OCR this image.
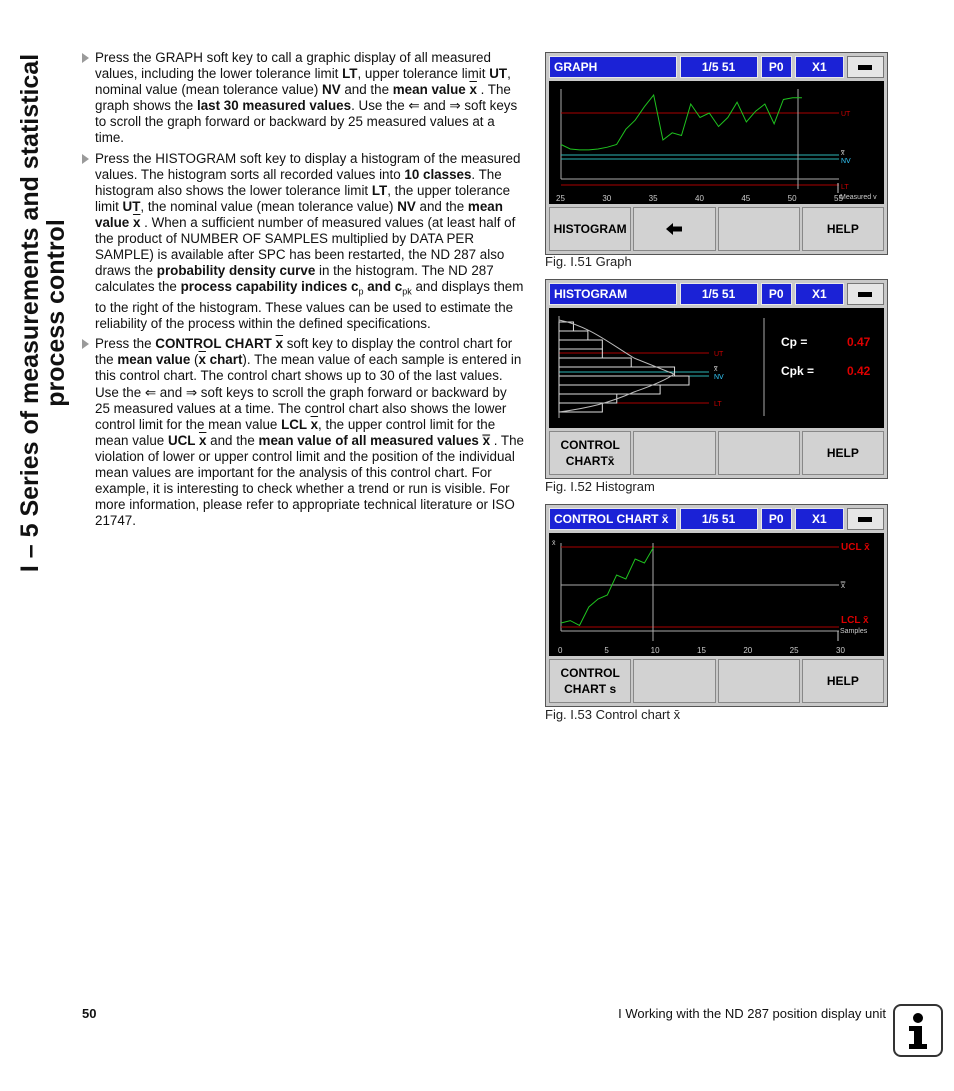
I – 5 Series of measurements and statistical
process control
Press the GRAPH soft key to call a graphic display of all measured values, including the lower tolerance limit LT, upper tolerance limit UT, nominal value (mean tolerance value) NV and the mean value $\overline{x}$ . The graph shows the last 30 measured values. Use the ⇐ and ⇒ soft keys to scroll the graph forward or backward by 25 measured values at a time.
Press the HISTOGRAM soft key to display a histogram of the measured values. The histogram sorts all recorded values into 10 classes. The histogram also shows the lower tolerance limit LT, the upper tolerance limit UT, the nominal value (mean tolerance value) NV and the mean value $\overline{x}$ . When a sufficient number of measured values (at least half of the product of NUMBER OF SAMPLES multiplied by DATA PER SAMPLE) is available after SPC has been restarted, the ND 287 also draws the probability density curve in the histogram. The ND 287 calculates the process capability indices $c_p$ and $c_{pk}$ and displays them to the right of the histogram. These values can be used to estimate the reliability of the process within the defined specifications.
Press the CONTROL CHART $\overline{x}$ soft key to display the control chart for the mean value ($\overline{x}$ chart). The mean value of each sample is entered in this control chart. The control chart shows up to 30 of the last values. Use the ⇐ and ⇒ soft keys to scroll the graph forward or backward by 25 measured values at a time. The control chart also shows the lower control limit for the mean value LCL $\overline{x}$, the upper control limit for the mean value UCL $\overline{x}$ and the mean value of all measured values x̿ . The violation of lower or upper control limit and the position of the individual mean values are important for the analysis of this control chart. For example, it is interesting to check whether a trend or run is visible. For more information, please refer to appropriate technical literature or ISO 21747.
GRAPH	1/5 51	P0	X1
UT
x
NV
LT
Measured v
25	30	35	40	45	50	55
HISTOGRAM	HELP
Fig. I.51 Graph
HISTOGRAM	1/5 51	P0	X1
UT
x
NV
LT
Cp =	0.47
Cpk =	0.42
CONTROL CHARTx̄
HELP
Fig. I.52 Histogram
CONTROL CHART x̄	1/5 51	P0	X1
x̄	UCL x̄
x̿
LCL x̄
Samples
0	5	10	15	20	25	30
CONTROL CHART s
HELP
Fig. I.53 Control chart x̄
50	I Working with the ND 287 position display unit
